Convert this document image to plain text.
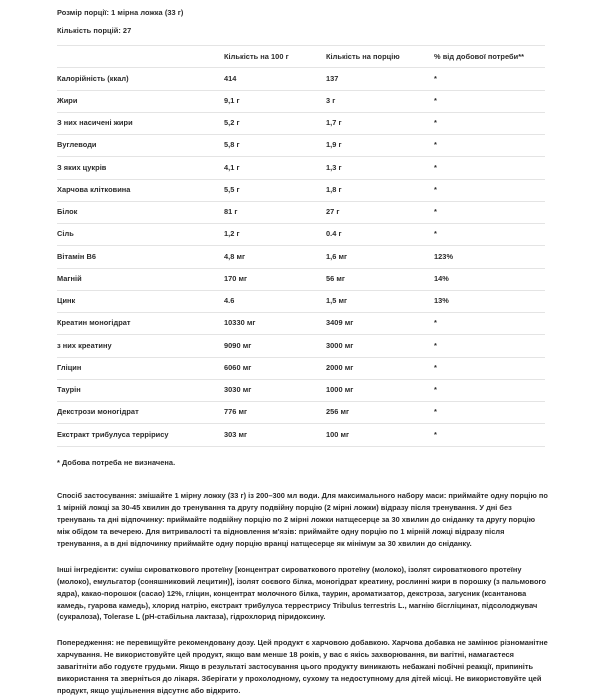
Розмір порції: 1 мірна ложка (33 г)
Кількість порцій: 27
	Кількість на 100 г	Кількість на порцію	% від добової потреби**
Калорійність (ккал)	414	137	*
Жири	9,1 г	3 г	*
З них насичені жири	5,2 г	1,7 г	*
Вуглеводи	5,8 г	1,9 г	*
З яких цукрів	4,1 г	1,3 г	*
Харчова клітковина	5,5 г	1,8 г	*
Білок	81 г	27 г	*
Сіль	1,2 г	0.4 г	*
Вітамін B6	4,8 мг	1,6 мг	123%
Магній	170 мг	56 мг	14%
Цинк	4.6	1,5 мг	13%
Креатин моногідрат	10330 мг	3409 мг	*
з них креатину	9090 мг	3000 мг	*
Гліцин	6060 мг	2000 мг	*
Таурін	3030 мг	1000 мг	*
Декстрози моногідрат	776 мг	256 мг	*
Екстракт трибулуса террірису	303 мг	100 мг	*
* Добова потреба не визначена.

Спосіб застосування: змішайте 1 мірну ложку (33 г) із 200–300 мл води. Для максимального набору маси: приймайте одну порцію по 1 мірній ложці за 30-45 хвилин до тренування та другу подвійну порцію (2 мірні ложки) відразу після тренування. У дні без тренувань та дні відпочинку: приймайте подвійну порцію по 2 мірні ложки натщесерце за 30 хвилин до сніданку та другу порцію між обідом та вечерею. Для витривалості та відновлення м'язів: приймайте одну порцію по 1 мірній ложці відразу після тренування, а в дні відпочинку приймайте одну порцію вранці натщесерце як мінімум за 30 хвилин до сніданку.

Інші інгредієнти: суміш сироваткового протеїну [концентрат сироваткового протеїну (молоко), ізолят сироваткового протеїну (молоко), емульгатор (соняшниковий лецитин)], ізолят соєвого білка, моногідрат креатину, рослинні жири в порошку (з пальмового ядра), какао-порошок (сасао) 12%, гліцин, концентрат молочного білка, таурин, ароматизатор, декстроза, загусник (ксантанова камедь, гуарова камедь), хлорид натрію, екстракт трибулуса террестрису Tribulus terrestris L., магнію бісгліцинат, підсолоджувач (сукралоза), Tolerase L (pH-стабільна лактаза), гідрохлорид піридоксину.

Попередження: не перевищуйте рекомендовану дозу. Цей продукт є харчовою добавкою. Харчова добавка не замінює різноманітне харчування. Не використовуйте цей продукт, якщо вам менше 18 років, у вас є якісь захворювання, ви вагітні, намагаєтеся завагітніти або годуєте грудьми. Якщо в результаті застосування цього продукту виникають небажані побічні реакції, припиніть використання та зверніться до лікаря. Зберігати у прохолодному, сухому та недоступному для дітей місці. Не використовуйте цей продукт, якщо ущільнення відсутнє або відкрито.
